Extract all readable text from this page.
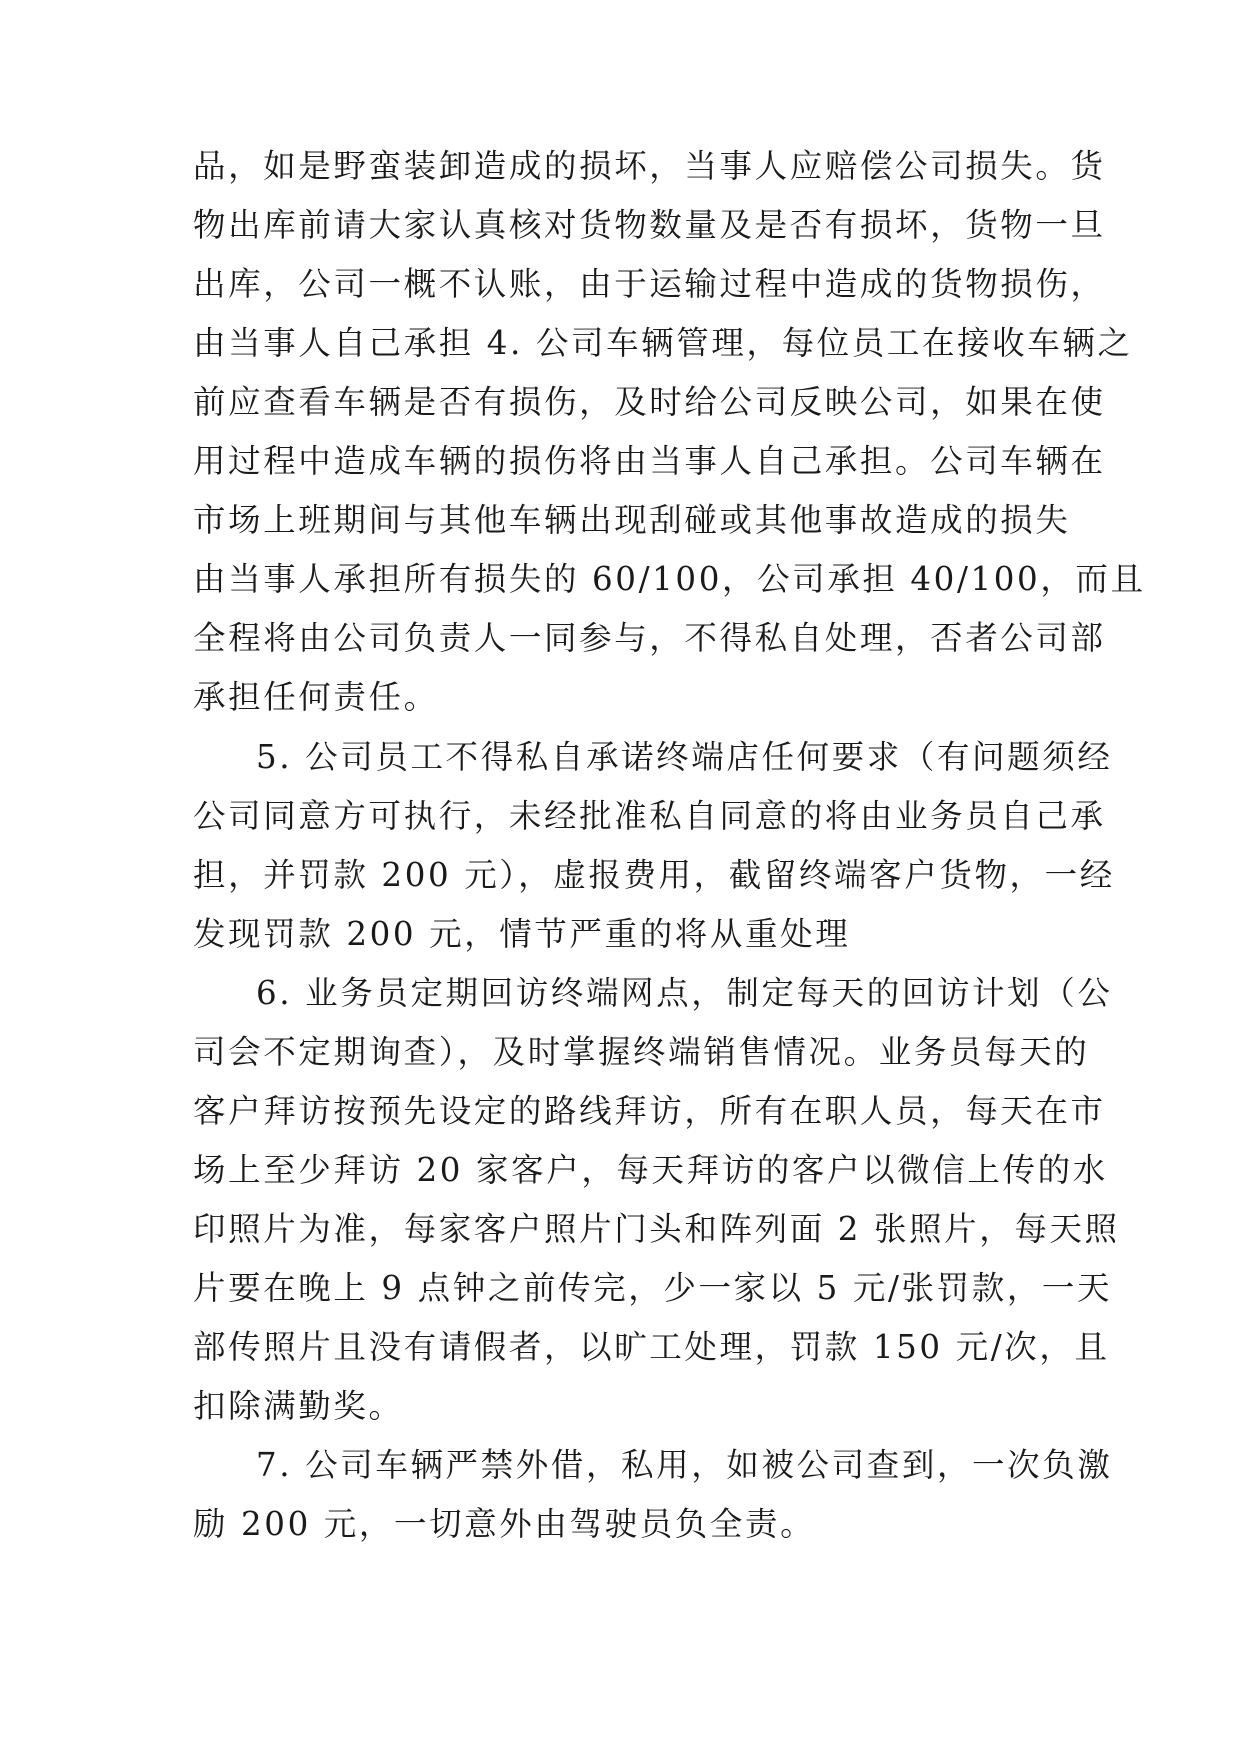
品，如是野蛮装卸造成的损坏，当事人应赔偿公司损失。货
物出库前请大家认真核对货物数量及是否有损坏，货物一旦
出库，公司一概不认账，由于运输过程中造成的货物损伤，
由当事人自己承担 4. 公司车辆管理，每位员工在接收车辆之
前应查看车辆是否有损伤，及时给公司反映公司，如果在使
用过程中造成车辆的损伤将由当事人自己承担。公司车辆在
市场上班期间与其他车辆出现刮碰或其他事故造成的损失
由当事人承担所有损失的 60/100，公司承担 40/100，而且
全程将由公司负责人一同参与，不得私自处理，否者公司部
承担任何责任。
5. 公司员工不得私自承诺终端店任何要求（有问题须经
公司同意方可执行，未经批准私自同意的将由业务员自己承
担，并罚款 200 元），虚报费用，截留终端客户货物，一经
发现罚款 200 元，情节严重的将从重处理
6. 业务员定期回访终端网点，制定每天的回访计划（公
司会不定期询查），及时掌握终端销售情况。业务员每天的
客户拜访按预先设定的路线拜访，所有在职人员，每天在市
场上至少拜访 20 家客户，每天拜访的客户以微信上传的水
印照片为准，每家客户照片门头和阵列面 2 张照片，每天照
片要在晚上 9 点钟之前传完，少一家以 5 元/张罚款，一天
部传照片且没有请假者，以旷工处理，罚款 150 元/次，且
扣除满勤奖。
7. 公司车辆严禁外借，私用，如被公司查到，一次负激
励 200 元，一切意外由驾驶员负全责。
